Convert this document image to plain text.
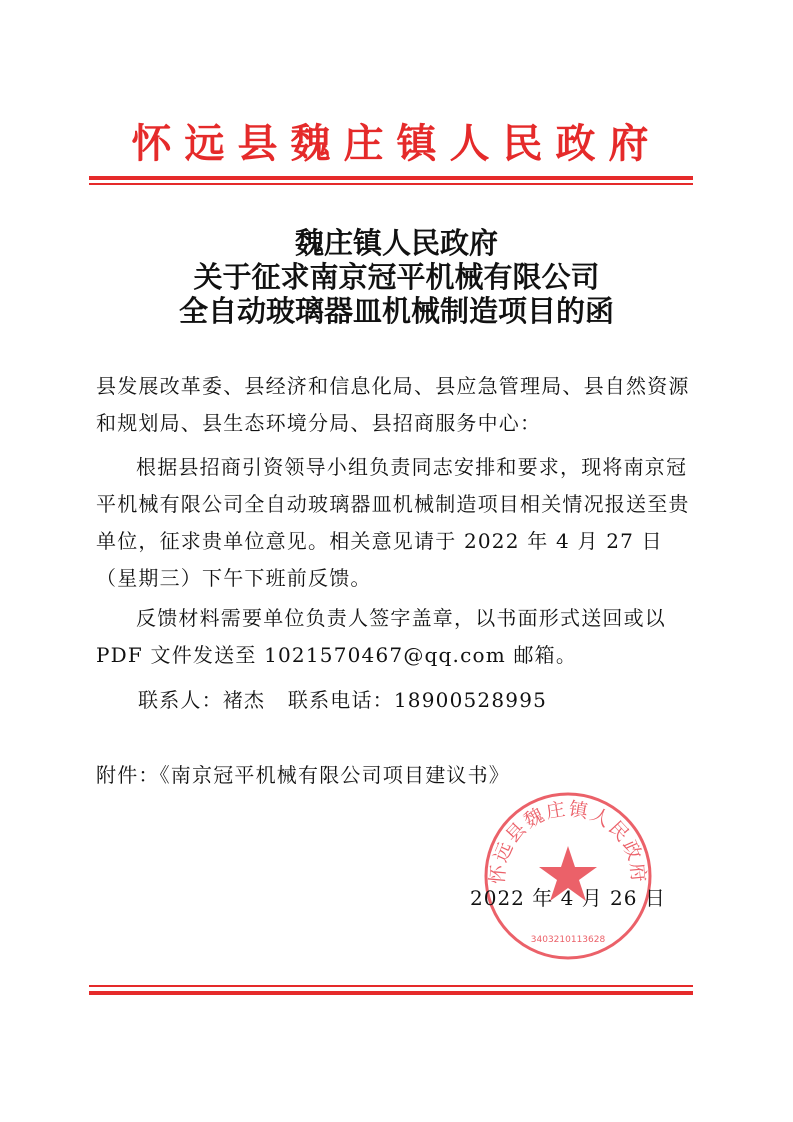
怀远县魏庄镇人民政府
魏庄镇人民政府
关于征求南京冠平机械有限公司
全自动玻璃器皿机械制造项目的函
县发展改革委、县经济和信息化局、县应急管理局、县自然资源和规划局、县生态环境分局、县招商服务中心：

根据县招商引资领导小组负责同志安排和要求，现将南京冠平机械有限公司全自动玻璃器皿机械制造项目相关情况报送至贵单位，征求贵单位意见。相关意见请于 2022 年 4 月 27 日（星期三）下午下班前反馈。

反馈材料需要单位负责人签字盖章，以书面形式送回或以 PDF 文件发送至 1021570467@qq.com 邮箱。

联系人：褚杰   联系电话：18900528995
附件：《南京冠平机械有限公司项目建议书》
怀远县魏庄镇人民政府
3403210113628
2022 年 4 月 26 日
